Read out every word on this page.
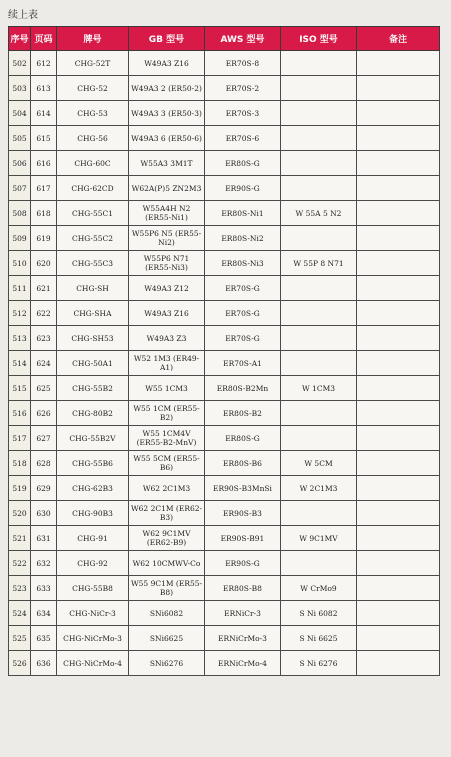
续上表
序号	页码	牌号	GB 型号	AWS 型号	ISO 型号	备注
502	612	CHG-52T	W49A3 Z16	ER70S-8		
503	613	CHG-52	W49A3 2 (ER50-2)	ER70S-2		
504	614	CHG-53	W49A3 3 (ER50-3)	ER70S-3		
505	615	CHG-56	W49A3 6 (ER50-6)	ER70S-6		
506	616	CHG-60C	W55A3 3M1T	ER80S-G		
507	617	CHG-62CD	W62A(P)5 ZN2M3	ER90S-G		
508	618	CHG-55C1	W55A4H N2 (ER55-Ni1)	ER80S-Ni1	W 55A 5 N2	
509	619	CHG-55C2	W55P6 N5 (ER55-Ni2)	ER80S-Ni2		
510	620	CHG-55C3	W55P6 N71 (ER55-Ni3)	ER80S-Ni3	W 55P 8 N71	
511	621	CHG-SH	W49A3 Z12	ER70S-G		
512	622	CHG-SHA	W49A3 Z16	ER70S-G		
513	623	CHG-SH53	W49A3 Z3	ER70S-G		
514	624	CHG-50A1	W52 1M3 (ER49-A1)	ER70S-A1		
515	625	CHG-55B2	W55 1CM3	ER80S-B2Mn	W 1CM3	
516	626	CHG-80B2	W55 1CM (ER55-B2)	ER80S-B2		
517	627	CHG-55B2V	W55 1CM4V (ER55-B2-MnV)	ER80S-G		
518	628	CHG-55B6	W55 5CM (ER55-B6)	ER80S-B6	W 5CM	
519	629	CHG-62B3	W62 2C1M3	ER90S-B3MnSi	W 2C1M3	
520	630	CHG-90B3	W62 2C1M (ER62-B3)	ER90S-B3		
521	631	CHG-91	W62 9C1MV (ER62-B9)	ER90S-B91	W 9C1MV	
522	632	CHG-92	W62 10CMWV-Co	ER90S-G		
523	633	CHG-55B8	W55 9C1M (ER55-B8)	ER80S-B8	W CrMo9	
524	634	CHG-NiCr-3	SNi6082	ERNiCr-3	S Ni 6082	
525	635	CHG-NiCrMo-3	SNi6625	ERNiCrMo-3	S Ni 6625	
526	636	CHG-NiCrMo-4	SNi6276	ERNiCrMo-4	S Ni 6276	
